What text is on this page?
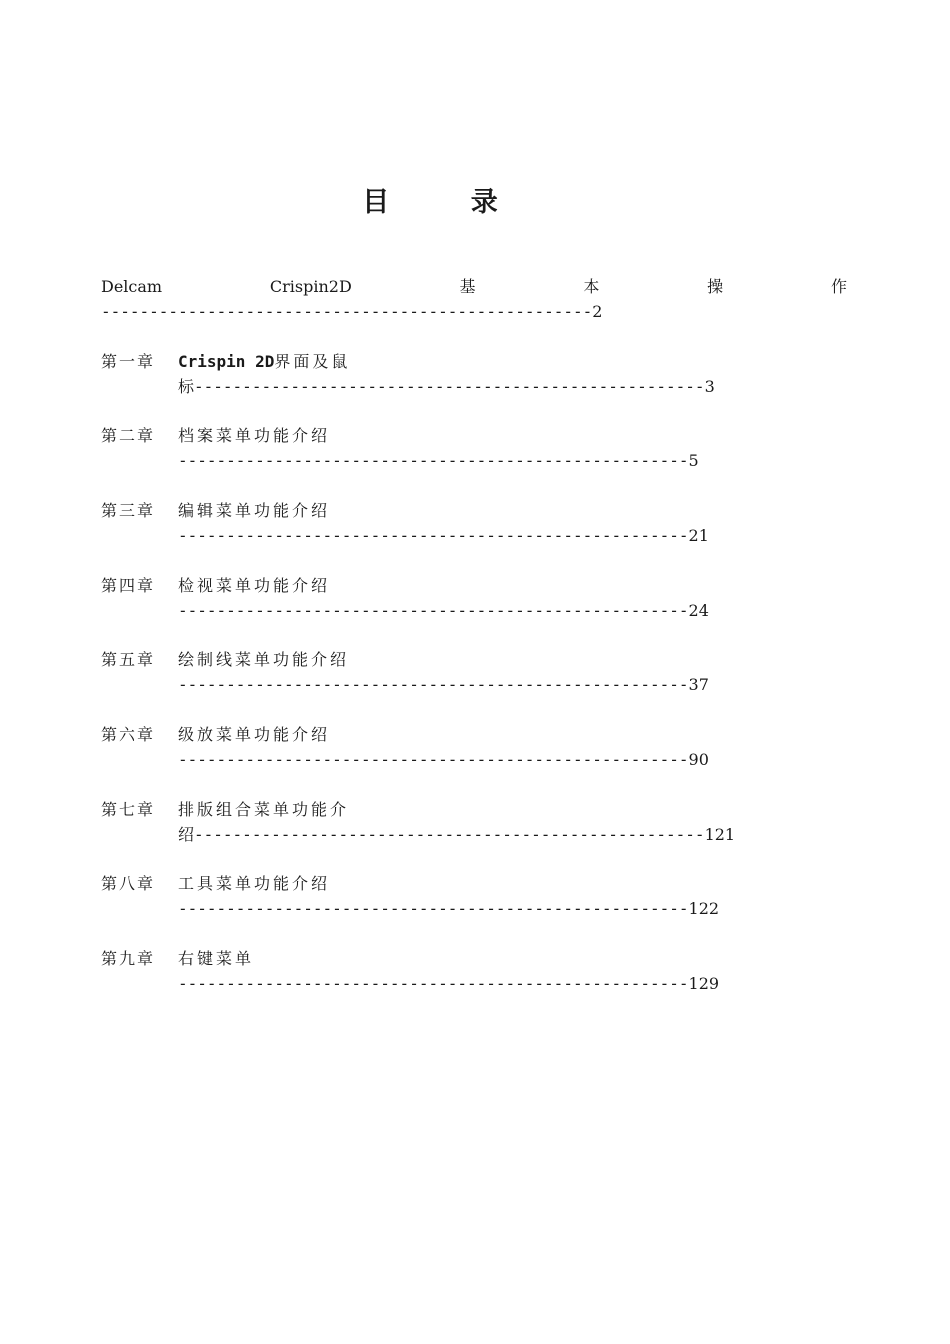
目 录
Delcam	Crispin2D	基	本	操	作
---------------------------------------------------2
第一章 Crispin 2D界面及鼠
标-----------------------------------------------------3
第二章 档案菜单功能介绍
-----------------------------------------------------5
第三章 编辑菜单功能介绍
-----------------------------------------------------21
第四章 检视菜单功能介绍
-----------------------------------------------------24
第五章 绘制线菜单功能介绍
-----------------------------------------------------37
第六章 级放菜单功能介绍
-----------------------------------------------------90
第七章 排版组合菜单功能介
绍-----------------------------------------------------121
第八章 工具菜单功能介绍
-----------------------------------------------------122
第九章 右键菜单
-----------------------------------------------------129
